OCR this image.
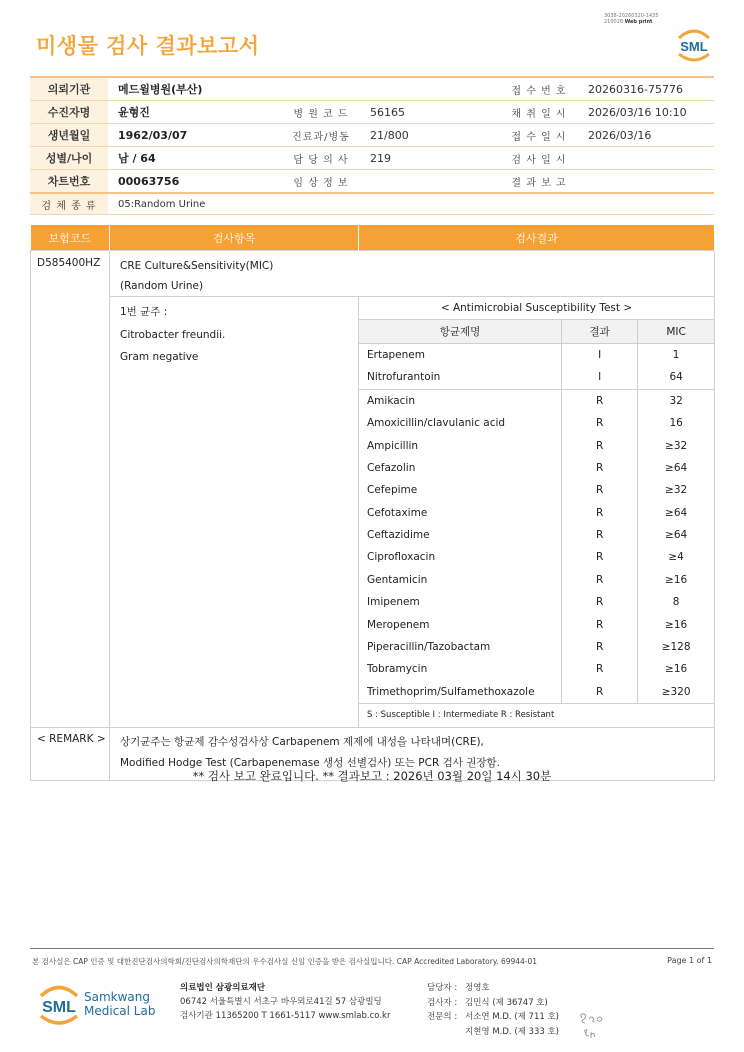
미생물 검사 결과보고서
3038-20260320-1435
210028 Web print
SML
의뢰기관	메드윌병원(부산)			접 수 번 호	20260316-75776
수진자명	윤형진	병 원 코 드	56165	채 취 일 시	2026/03/16 10:10
생년월일	1962/03/07	진료과/병동	21/800	접 수 일 시	2026/03/16
성별/나이	남 / 64	담 당 의 사	219	검 사 일 시	
차트번호	00063756	임 상 정 보		결 과 보 고	
검 체 종 류	05:Random Urine				
보험코드	검사항목	검사결과
D585400HZ	CRE Culture&Sensitivity(MIC)
(Random Urine)

1번 균주 :
Citrobacter freundii.
Gram negative

< Antimicrobial Susceptibility Test >
항균제명	결과	MIC
Ertapenem	I	1
Nitrofurantoin	I	64
Amikacin	R	32
Amoxicillin/clavulanic acid	R	16
Ampicillin	R	≥32
Cefazolin	R	≥64
Cefepime	R	≥32
Cefotaxime	R	≥64
Ceftazidime	R	≥64
Ciprofloxacin	R	≥4
Gentamicin	R	≥16
Imipenem	R	8
Meropenem	R	≥16
Piperacillin/Tazobactam	R	≥128
Tobramycin	R	≥16
Trimethoprim/Sulfamethoxazole	R	≥320
S : Susceptible I : Intermediate R : Resistant

< REMARK >	상기균주는 항균제 감수성검사상 Carbapenem 제제에 내성을 나타내며(CRE),
Modified Hodge Test (Carbapenemase 생성 선별검사) 또는 PCR 검사 권장함.
** 검사 보고 완료입니다. ** 결과보고 : 2026년 03월 20일 14시 30분
본 검사실은 CAP 인증 및 대한진단검사의학회/진단검사의학재단의 우수검사실 신임 인증을 받은 검사실입니다. CAP Accredited Laboratory. 69944-01	Page 1 of 1
SML
Samkwang
Medical Lab
의료법인 삼광의료재단
06742 서울특별시 서초구 바우뫼로41길 57 삼광빌딩
검사기관 11365200 T 1661-5117 www.smlab.co.kr
담당자 : 정영호
검사자 : 김민식 (제 36747 호)
전문의 : 서소연 M.D. (제 711 호)
지현영 M.D. (제 333 호)
